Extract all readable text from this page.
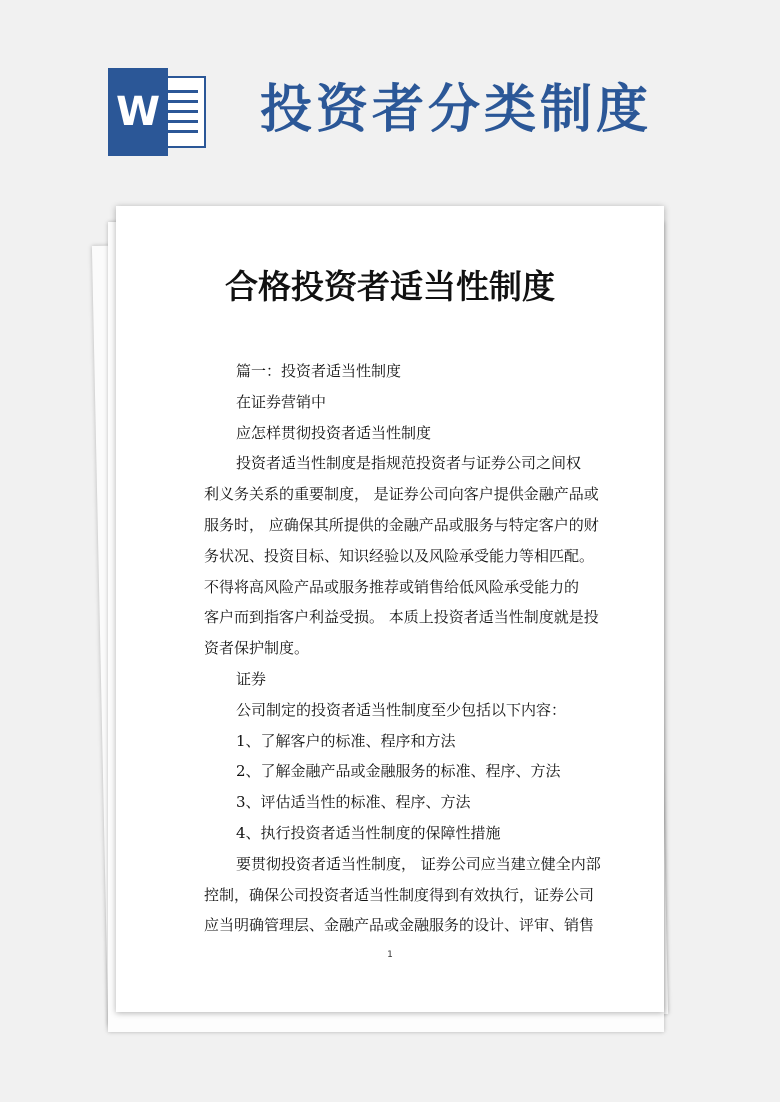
W 投资者分类制度
合格投资者适当性制度

篇一：投资者适当性制度

在证券营销中

应怎样贯彻投资者适当性制度

投资者适当性制度是指规范投资者与证券公司之间权

利义务关系的重要制度， 是证券公司向客户提供金融产品或

服务时， 应确保其所提供的金融产品或服务与特定客户的财

务状况、投资目标、知识经验以及风险承受能力等相匹配。

不得将高风险产品或服务推荐或销售给低风险承受能力的

客户而到指客户利益受损。 本质上投资者适当性制度就是投

资者保护制度。

证券

公司制定的投资者适当性制度至少包括以下内容：

1、了解客户的标准、程序和方法

2、了解金融产品或金融服务的标准、程序、方法

3、评估适当性的标准、程序、方法

4、执行投资者适当性制度的保障性措施

要贯彻投资者适当性制度， 证券公司应当建立健全内部

控制，确保公司投资者适当性制度得到有效执行，证券公司

应当明确管理层、金融产品或金融服务的设计、评审、销售

1
